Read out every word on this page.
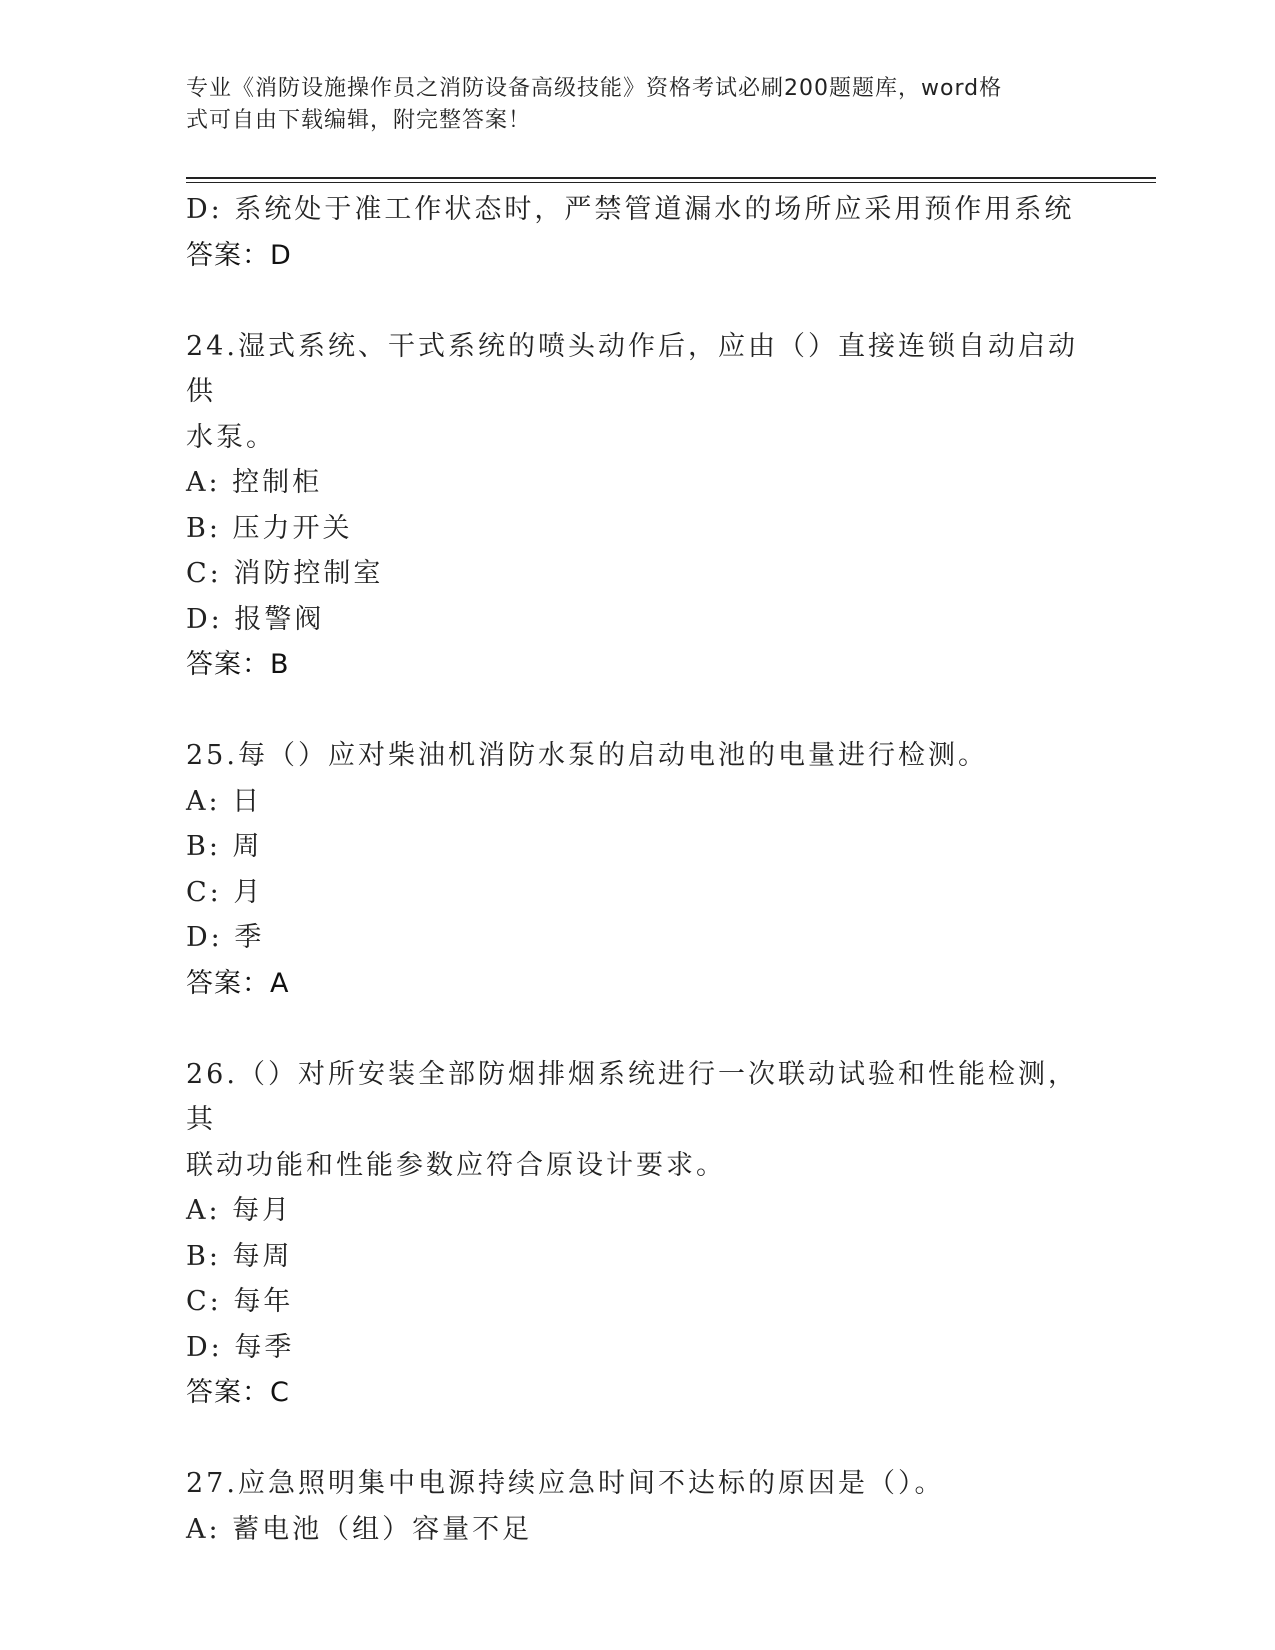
专业《消防设施操作员之消防设备高级技能》资格考试必刷200题题库，word格
式可自由下载编辑，附完整答案！
D: 系统处于准工作状态时，严禁管道漏水的场所应采用预作用系统
答案：D
24.湿式系统、干式系统的喷头动作后，应由（）直接连锁自动启动供
水泵。
A: 控制柜
B: 压力开关
C: 消防控制室
D: 报警阀
答案：B
25.每（）应对柴油机消防水泵的启动电池的电量进行检测。
A: 日
B: 周
C: 月
D: 季
答案：A
26.（）对所安装全部防烟排烟系统进行一次联动试验和性能检测，其
联动功能和性能参数应符合原设计要求。
A: 每月
B: 每周
C: 每年
D: 每季
答案：C
27.应急照明集中电源持续应急时间不达标的原因是（）。
A: 蓄电池（组）容量不足
